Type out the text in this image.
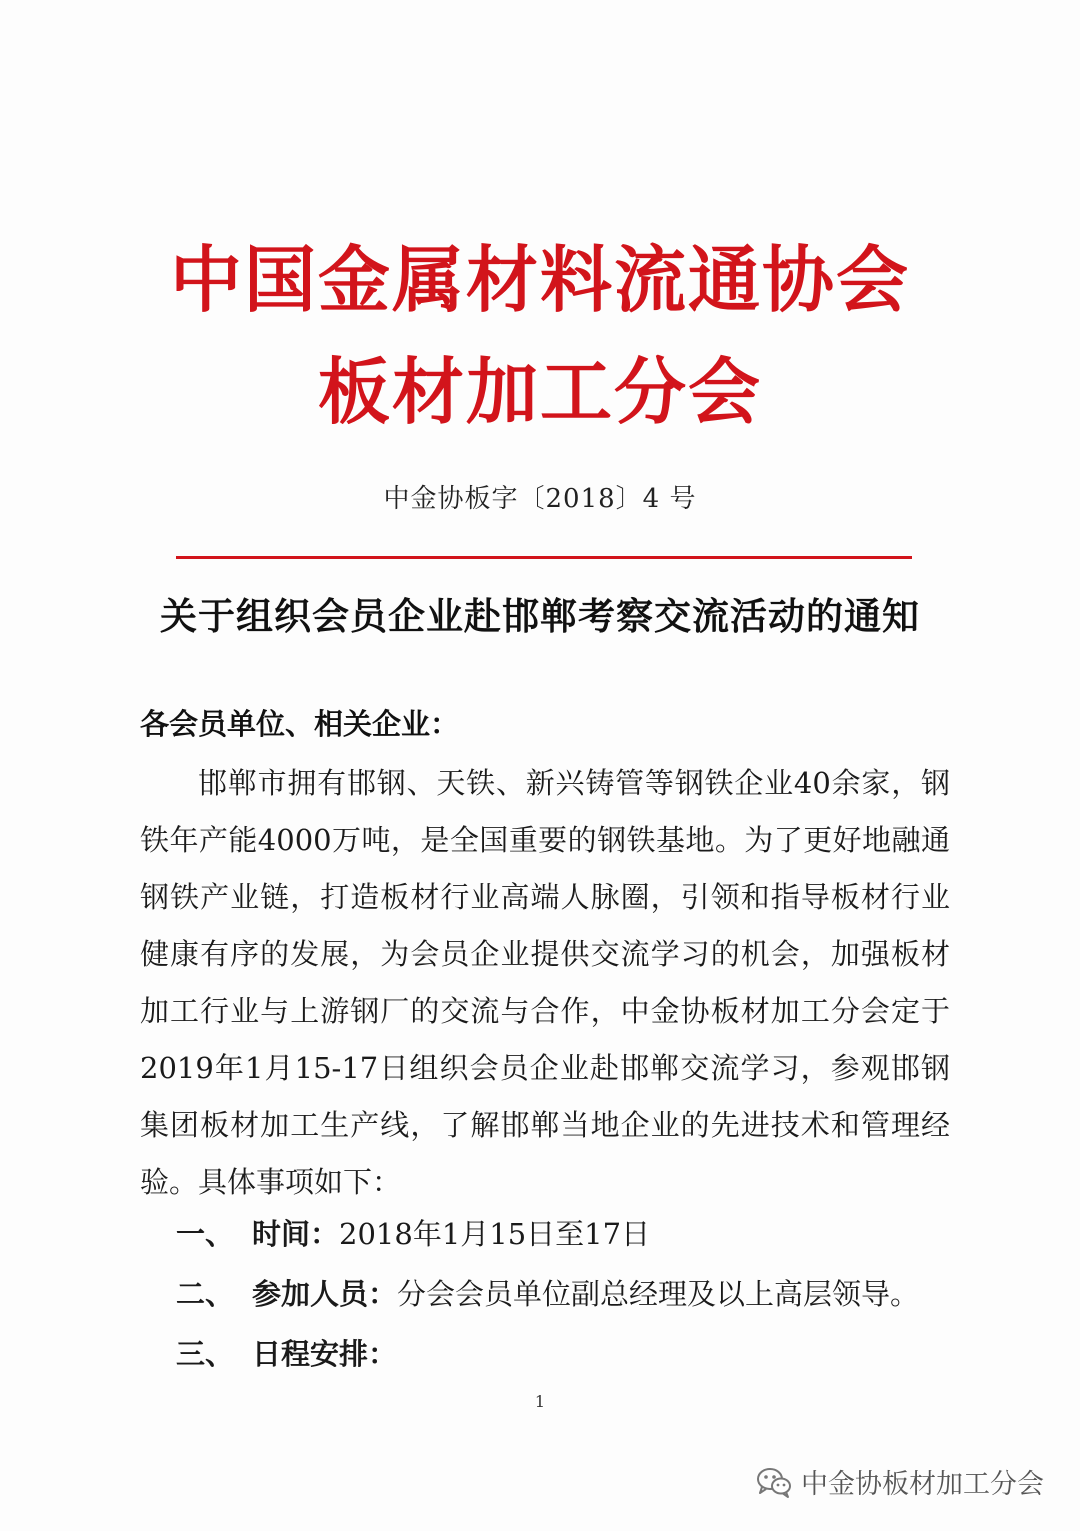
中国金属材料流通协会
板材加工分会
中金协板字〔2018〕4 号
关于组织会员企业赴邯郸考察交流活动的通知
各会员单位、相关企业：
邯郸市拥有邯钢、天铁、新兴铸管等钢铁企业40余家，钢铁年产能4000万吨，是全国重要的钢铁基地。为了更好地融通钢铁产业链，打造板材行业高端人脉圈，引领和指导板材行业健康有序的发展，为会员企业提供交流学习的机会，加强板材加工行业与上游钢厂的交流与合作，中金协板材加工分会定于2019年1月15-17日组织会员企业赴邯郸交流学习，参观邯钢集团板材加工生产线，了解邯郸当地企业的先进技术和管理经验。具体事项如下：
一、 时间：2018年1月15日至17日
二、 参加人员：分会会员单位副总经理及以上高层领导。
三、 日程安排：
1
中金协板材加工分会
